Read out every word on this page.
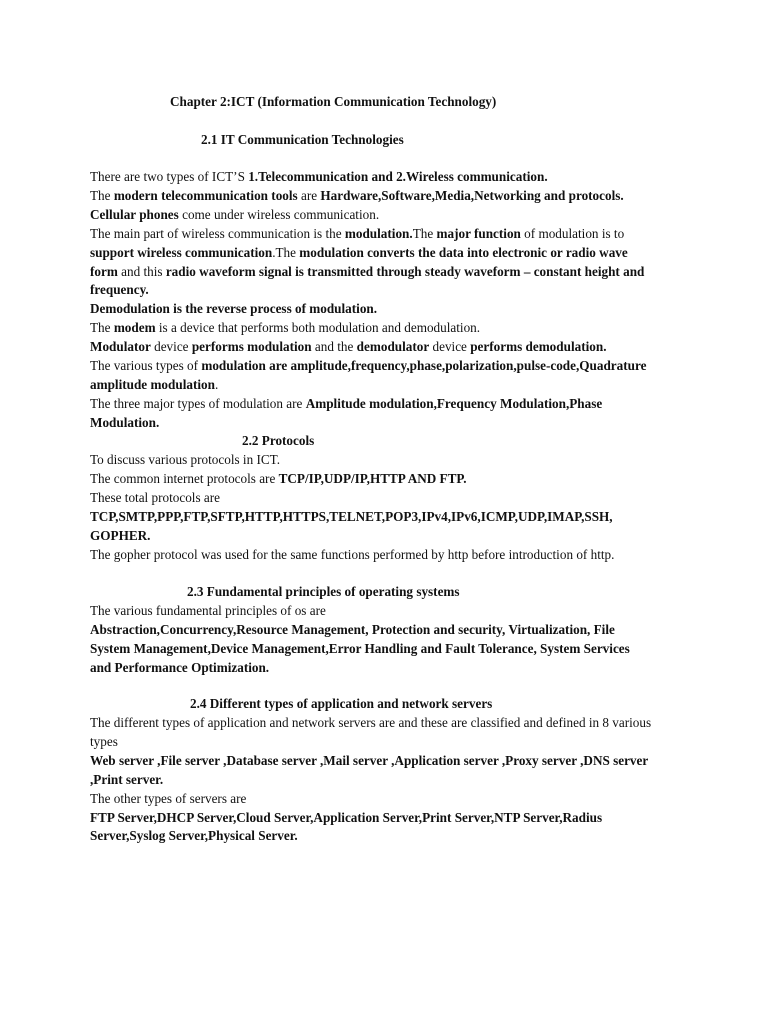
Chapter 2:ICT (Information Communication Technology)
2.1 IT Communication Technologies
There are two types of ICT’S 1.Telecommunication and 2.Wireless communication.
The modern telecommunication tools are Hardware,Software,Media,Networking and protocols.
Cellular phones come under wireless communication.
The main part of wireless communication is the modulation.The major function of modulation is to
support wireless communication.The modulation converts the data into electronic or radio wave
form and this radio waveform signal is transmitted through steady waveform – constant height and
frequency.
Demodulation is the reverse process of modulation.
The modem is a device that performs both modulation and demodulation.
Modulator device performs modulation and the demodulator device performs demodulation.
The various types of modulation are amplitude,frequency,phase,polarization,pulse-code,Quadrature
amplitude modulation.
The three major types of modulation are Amplitude modulation,Frequency Modulation,Phase
Modulation.
2.2 Protocols
To discuss various protocols in ICT.
The common internet protocols are TCP/IP,UDP/IP,HTTP AND FTP.
These total protocols are
TCP,SMTP,PPP,FTP,SFTP,HTTP,HTTPS,TELNET,POP3,IPv4,IPv6,ICMP,UDP,IMAP,SSH,
GOPHER.
The gopher protocol was used for the same functions performed by http before introduction of http.
2.3 Fundamental principles of operating systems
The various fundamental principles of os are
Abstraction,Concurrency,Resource Management, Protection and security, Virtualization, File
System Management,Device Management,Error Handling and Fault Tolerance, System Services
and Performance Optimization.
2.4 Different types of application and network servers
The different types of application and network servers are and these are classified and defined in 8 various
types
Web server ,File server ,Database server ,Mail server ,Application server ,Proxy server ,DNS server
,Print server.
The other types of servers are
FTP Server,DHCP Server,Cloud Server,Application Server,Print Server,NTP Server,Radius
Server,Syslog Server,Physical Server.
